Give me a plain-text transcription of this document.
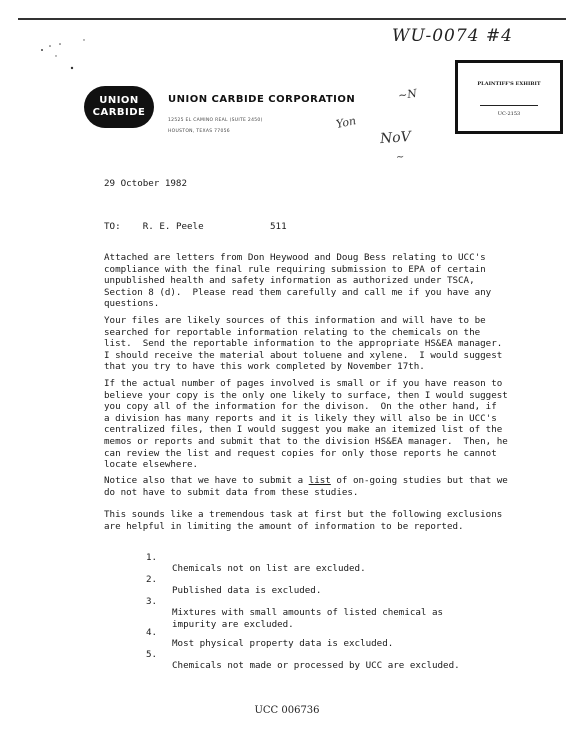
WU-0074 #4
UNION
CARBIDE
UNION CARBIDE CORPORATION
12525 EL CAMINO REAL (SUITE 2450)
HOUSTON, TEXAS 77056
PLAINTIFF'S EXHIBIT
UC-2153
~N
Yon
NoV
~
29 October 1982
TO: R. E. Peele	511
Attached are letters from Don Heywood and Doug Bess relating to UCC's
compliance with the final rule requiring submission to EPA of certain
unpublished health and safety information as authorized under TSCA,
Section 8 (d).  Please read them carefully and call me if you have any
questions.
Your files are likely sources of this information and will have to be
searched for reportable information relating to the chemicals on the
list.  Send the reportable information to the appropriate HS&EA manager.
I should receive the material about toluene and xylene.  I would suggest
that you try to have this work completed by November 17th.
If the actual number of pages involved is small or if you have reason to
believe your copy is the only one likely to surface, then I would suggest
you copy all of the information for the divison.  On the other hand, if
a division has many reports and it is likely they will also be in UCC's
centralized files, then I would suggest you make an itemized list of the
memos or reports and submit that to the division HS&EA manager.  Then, he
can review the list and request copies for only those reports he cannot
locate elsewhere.
Notice also that we have to submit a list of on-going studies but that we
do not have to submit data from these studies.
This sounds like a tremendous task at first but the following exclusions
are helpful in limiting the amount of information to be reported.

1.

Chemicals not on list are excluded.

2.

Published data is excluded.

3.

Mixtures with small amounts of listed chemical as
impurity are excluded.

4.

Most physical property data is excluded.

5.

Chemicals not made or processed by UCC are excluded.

UCC 006736
